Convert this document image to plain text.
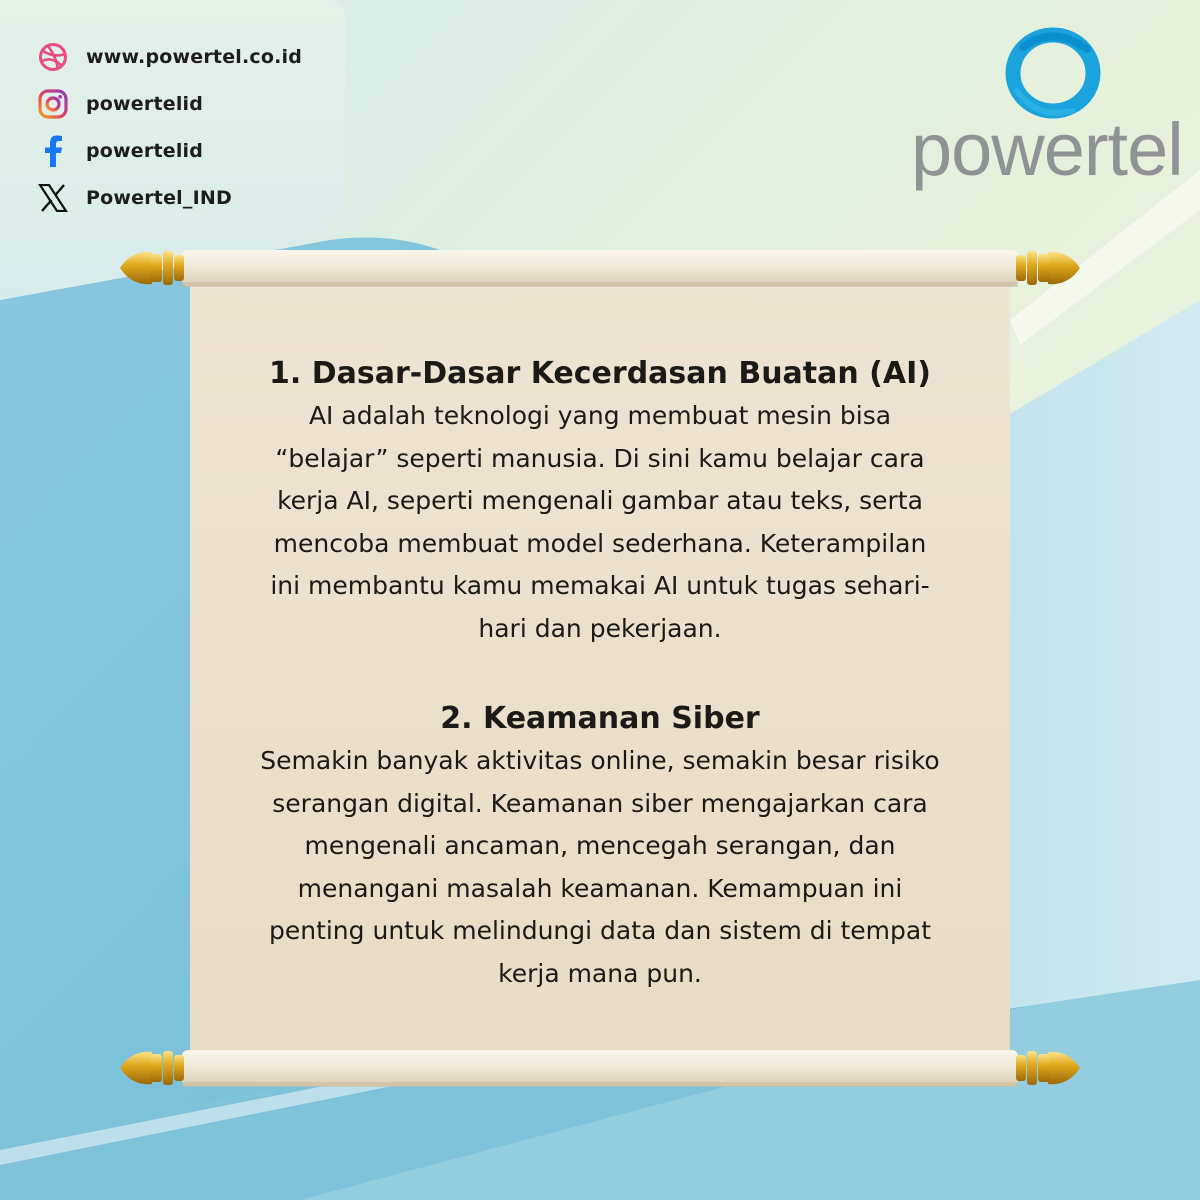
www.powertel.co.id
powertelid
powertelid
Powertel_IND
powertel
1. Dasar-Dasar Kecerdasan Buatan (AI)

AI adalah teknologi yang membuat mesin bisa

“belajar” seperti manusia. Di sini kamu belajar cara

kerja AI, seperti mengenali gambar atau teks, serta

mencoba membuat model sederhana. Keterampilan

ini membantu kamu memakai AI untuk tugas sehari-

hari dan pekerjaan.

2. Keamanan Siber

Semakin banyak aktivitas online, semakin besar risiko

serangan digital. Keamanan siber mengajarkan cara

mengenali ancaman, mencegah serangan, dan

menangani masalah keamanan. Kemampuan ini

penting untuk melindungi data dan sistem di tempat

kerja mana pun.
